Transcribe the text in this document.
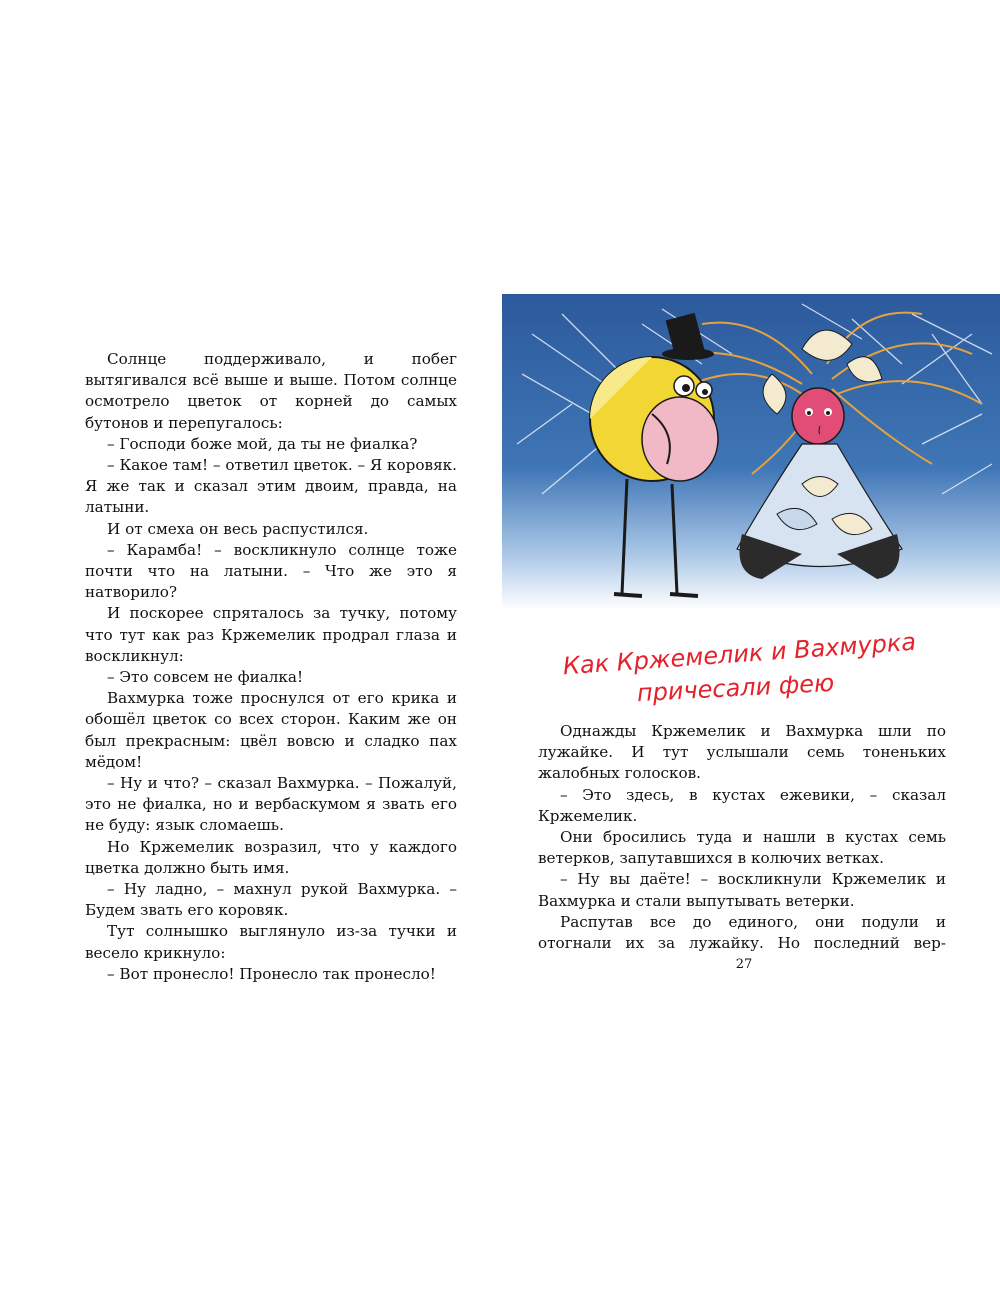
Солнце поддерживало, и побег вытягивался всё выше и выше. Потом солнце осмотрело цветок от корней до самых бутонов и перепугалось:

– Господи боже мой, да ты не фиалка?

– Какое там! – ответил цветок. – Я коровяк. Я же так и сказал этим двоим, правда, на латыни.

И от смеха он весь распустился.

– Карамба! – воскликнуло солнце тоже почти что на латыни. – Что же это я натворило?

И поскорее спряталось за тучку, потому что тут как раз Кржемелик продрал глаза и воскликнул:

– Это совсем не фиалка!

Вахмурка тоже проснулся от его крика и обошёл цветок со всех сторон. Каким же он был прекрасным: цвёл вовсю и сладко пах мёдом!

– Ну и что? – сказал Вахмурка. – Пожалуй, это не фиалка, но и вербаскумом я звать его не буду: язык сломаешь.

Но Кржемелик возразил, что у каждого цветка должно быть имя.

– Ну ладно, – махнул рукой Вахмурка. – Будем звать его коровяк.

Тут солнышко выглянуло из-за тучки и весело крикнуло:

– Вот пронесло! Пронесло так пронесло!

Как Кржемелик и Вахмурка
причесали фею

Однажды Кржемелик и Вахмурка шли по лужайке. И тут услышали семь тоненьких жалобных голосков.

– Это здесь, в кустах ежевики, – сказал Кржемелик.

Они бросились туда и нашли в кустах семь ветерков, запутавшихся в колючих ветках.

– Ну вы даёте! – воскликнули Кржемелик и Вахмурка и стали выпутывать ветерки.

Распутав все до единого, они подули и отогнали их за лужайку. Но последний вер-

27
